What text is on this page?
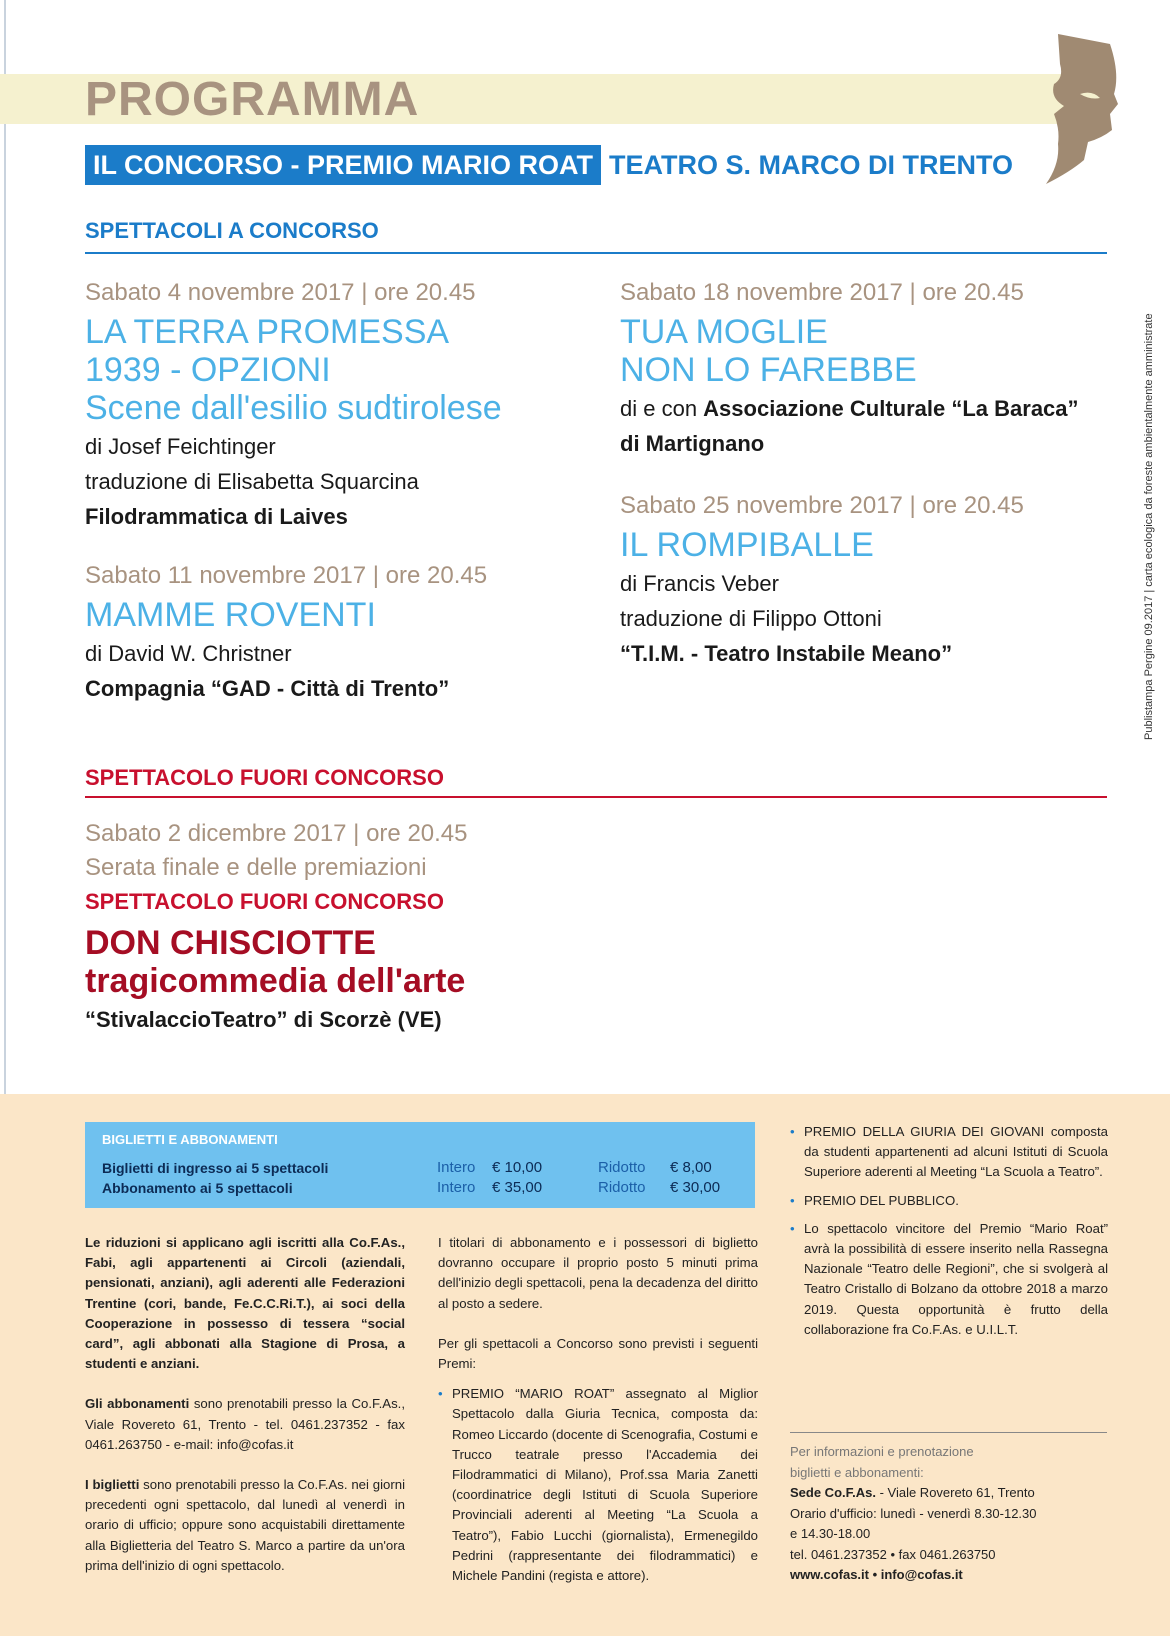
PROGRAMMA
IL CONCORSO - PREMIO MARIO ROAT TEATRO S. MARCO DI TRENTO
SPETTACOLI A CONCORSO
Sabato 4 novembre 2017 | ore 20.45
LA TERRA PROMESSA
1939 - OPZIONI
Scene dall'esilio sudtirolese
di Josef Feichtinger
traduzione di Elisabetta Squarcina
Filodrammatica di Laives
Sabato 11 novembre 2017 | ore 20.45
MAMME ROVENTI
di David W. Christner
Compagnia “GAD - Città di Trento”
Sabato 18 novembre 2017 | ore 20.45
TUA MOGLIE
NON LO FAREBBE
di e con Associazione Culturale “La Baraca”
di Martignano
Sabato 25 novembre 2017 | ore 20.45
IL ROMPIBALLE
di Francis Veber
traduzione di Filippo Ottoni
“T.I.M. - Teatro Instabile Meano”
SPETTACOLO FUORI CONCORSO
Sabato 2 dicembre 2017 | ore 20.45
Serata finale e delle premiazioni
SPETTACOLO FUORI CONCORSO
DON CHISCIOTTE
tragicommedia dell'arte
“StivalaccioTeatro” di Scorzè (VE)
Publistampa Pergine 09.2017 | carta ecologica da foreste ambientalmente amministrate
BIGLIETTI E ABBONAMENTI
Biglietti di ingresso ai 5 spettacoli	Intero € 10,00	Ridotto € 8,00
Abbonamento ai 5 spettacoli	Intero € 35,00	Ridotto € 30,00

Le riduzioni si applicano agli iscritti alla Co.F.As., Fabi, agli appartenenti ai Circoli (aziendali, pensionati, anziani), agli aderenti alle Federazioni Trentine (cori, bande, Fe.C.C.Ri.T.), ai soci della Cooperazione in possesso di tessera “social card”, agli abbonati alla Stagione di Prosa, a studenti e anziani.

Gli abbonamenti sono prenotabili presso la Co.F.As., Viale Rovereto 61, Trento - tel. 0461.237352 - fax 0461.263750 - e-mail: info@cofas.it

I biglietti sono prenotabili presso la Co.F.As. nei giorni precedenti ogni spettacolo, dal lunedì al venerdì in orario di ufficio; oppure sono acquistabili direttamente alla Biglietteria del Teatro S. Marco a partire da un'ora prima dell'inizio di ogni spettacolo.

I titolari di abbonamento e i possessori di biglietto dovranno occupare il proprio posto 5 minuti prima dell'inizio degli spettacoli, pena la decadenza del diritto al posto a sedere.

Per gli spettacoli a Concorso sono previsti i seguenti Premi:

• PREMIO “MARIO ROAT” assegnato al Miglior Spettacolo dalla Giuria Tecnica, composta da: Romeo Liccardo (docente di Scenografia, Costumi e Trucco teatrale presso l'Accademia dei Filodrammatici di Milano), Prof.ssa Maria Zanetti (coordinatrice degli Istituti di Scuola Superiore Provinciali aderenti al Meeting “La Scuola a Teatro”), Fabio Lucchi (giornalista), Ermenegildo Pedrini (rappresentante dei filodrammatici) e Michele Pandini (regista e attore).
• PREMIO DELLA GIURIA DEI GIOVANI composta da studenti appartenenti ad alcuni Istituti di Scuola Superiore aderenti al Meeting “La Scuola a Teatro”.
• PREMIO DEL PUBBLICO.
• Lo spettacolo vincitore del Premio “Mario Roat” avrà la possibilità di essere inserito nella Rassegna Nazionale “Teatro delle Regioni”, che si svolgerà al Teatro Cristallo di Bolzano da ottobre 2018 a marzo 2019. Questa opportunità è frutto della collaborazione fra Co.F.As. e U.I.L.T.
Per informazioni e prenotazione
biglietti e abbonamenti:
Sede Co.F.As. - Viale Rovereto 61, Trento
Orario d'ufficio: lunedì - venerdì 8.30-12.30
e 14.30-18.00
tel. 0461.237352 • fax 0461.263750
www.cofas.it • info@cofas.it
